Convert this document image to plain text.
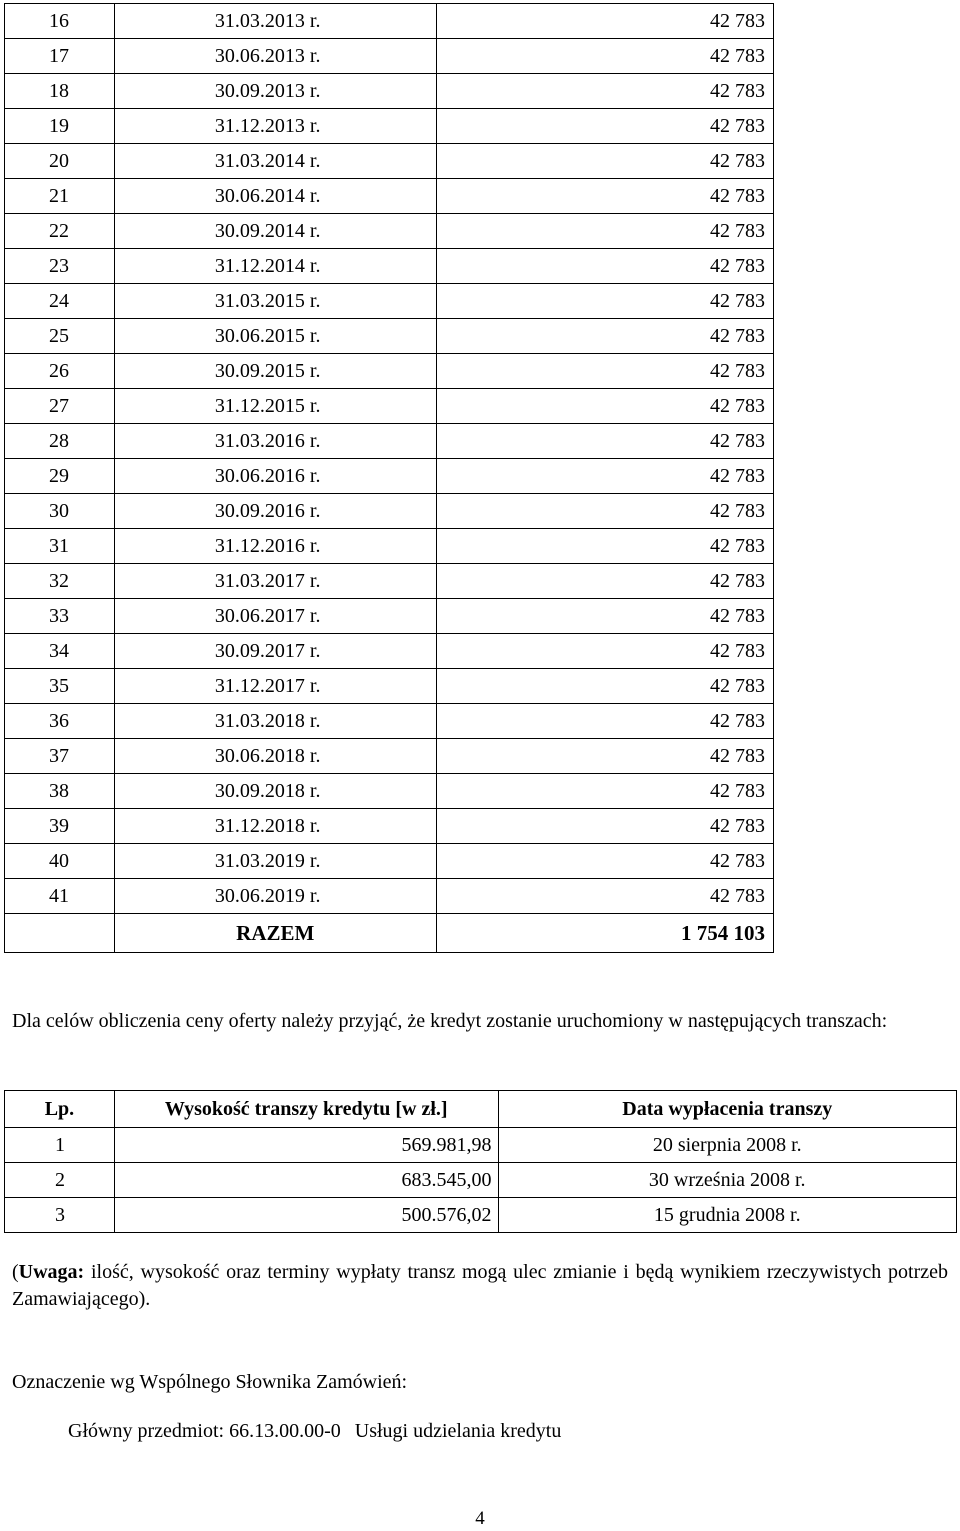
16	31.03.2013 r.	42 783
17	30.06.2013 r.	42 783
18	30.09.2013 r.	42 783
19	31.12.2013 r.	42 783
20	31.03.2014 r.	42 783
21	30.06.2014 r.	42 783
22	30.09.2014 r.	42 783
23	31.12.2014 r.	42 783
24	31.03.2015 r.	42 783
25	30.06.2015 r.	42 783
26	30.09.2015 r.	42 783
27	31.12.2015 r.	42 783
28	31.03.2016 r.	42 783
29	30.06.2016 r.	42 783
30	30.09.2016 r.	42 783
31	31.12.2016 r.	42 783
32	31.03.2017 r.	42 783
33	30.06.2017 r.	42 783
34	30.09.2017 r.	42 783
35	31.12.2017 r.	42 783
36	31.03.2018 r.	42 783
37	30.06.2018 r.	42 783
38	30.09.2018 r.	42 783
39	31.12.2018 r.	42 783
40	31.03.2019 r.	42 783
41	30.06.2019 r.	42 783
	RAZEM	1 754 103
Dla celów obliczenia ceny oferty należy przyjąć, że kredyt zostanie uruchomiony w następujących transzach:
Lp.	Wysokość transzy kredytu [w zł.]	Data wypłacenia transzy
1	569.981,98	20 sierpnia 2008 r.
2	683.545,00	30 września 2008 r.
3	500.576,02	15 grudnia 2008 r.
(Uwaga: ilość, wysokość oraz terminy wypłaty transz mogą ulec zmianie i będą wynikiem rzeczywistych potrzeb Zamawiającego).
Oznaczenie wg Wspólnego Słownika Zamówień:
Główny przedmiot: 66.13.00.00-0 Usługi udzielania kredytu
4
